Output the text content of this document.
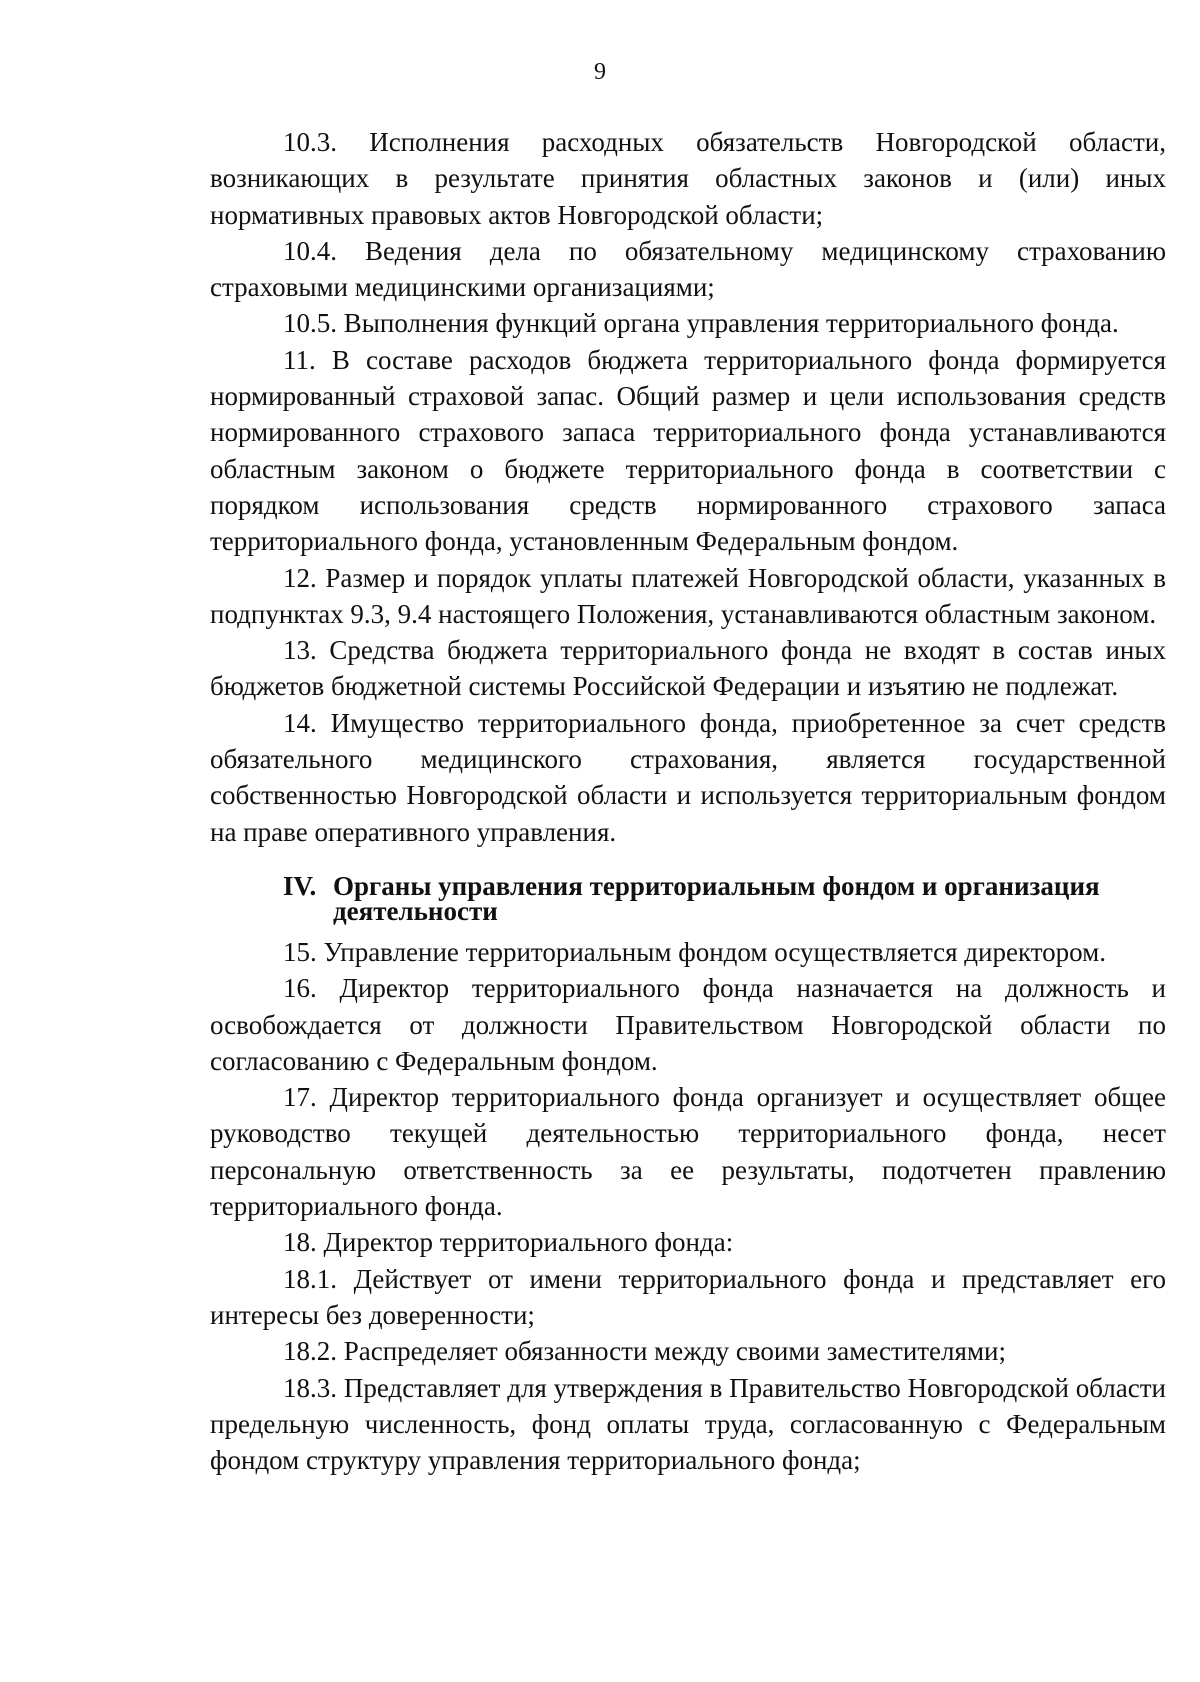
9

10.3. Исполнения расходных обязательств Новгородской области, возникающих в результате принятия областных законов и (или) иных нормативных правовых актов Новгородской области;

10.4. Ведения дела по обязательному медицинскому страхованию страховыми медицинскими организациями;

10.5. Выполнения функций органа управления территориального фонда.

11. В составе расходов бюджета территориального фонда формируется нормированный страховой запас. Общий размер и цели использования средств нормированного страхового запаса территориального фонда устанавливаются областным законом о бюджете территориального фонда в соответствии с порядком использования средств нормированного страхового запаса территориального фонда, установленным Федеральным фондом.

12. Размер и порядок уплаты платежей Новгородской области, указанных в подпунктах 9.3, 9.4 настоящего Положения, устанавливаются областным законом.

13. Средства бюджета территориального фонда не входят в состав иных бюджетов бюджетной системы Российской Федерации и изъятию не подлежат.

14. Имущество территориального фонда, приобретенное за счет средств обязательного медицинского страхования, является государственной собственностью Новгородской области и используется территориальным фондом на праве оперативного управления.

IV. Органы управления территориальным фондом и организация деятельности

15. Управление территориальным фондом осуществляется директором.

16. Директор территориального фонда назначается на должность и освобождается от должности Правительством Новгородской области по согласованию с Федеральным фондом.

17. Директор территориального фонда организует и осуществляет общее руководство текущей деятельностью территориального фонда, несет персональную ответственность за ее результаты, подотчетен правлению территориального фонда.

18. Директор территориального фонда:

18.1. Действует от имени территориального фонда и представляет его интересы без доверенности;

18.2. Распределяет обязанности между своими заместителями;

18.3. Представляет для утверждения в Правительство Новгородской области предельную численность, фонд оплаты труда, согласованную с Федеральным фондом структуру управления территориального фонда;
